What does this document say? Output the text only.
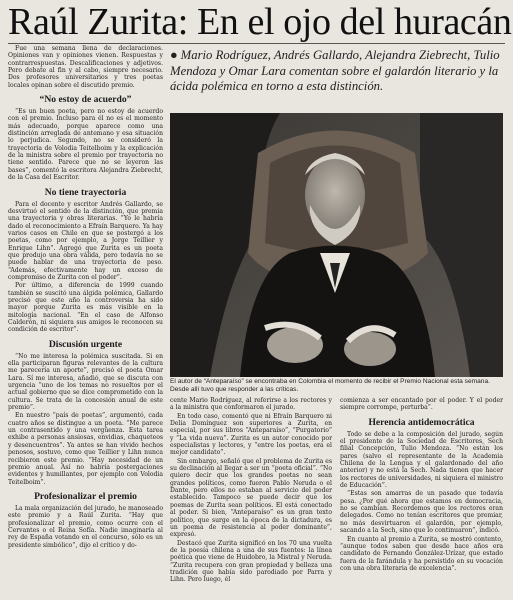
Raúl Zurita: En el ojo del huracán

Fue una semana llena de declaraciones. Opiniones van y opiniones vienen. Respuestas y contrarrespuestas. Descalificaciones y adjetivos. Pero debate al fin y al cabo, siempre necesario. Dos profesores universitarios y tres poetas locales opinan sobre el discutido premio.

“No estoy de acuerdo”

“Es un buen poeta, pero no estoy de acuerdo con el premio. Incluso para él no es el momento más adecuado, porque aparece como una distinción arreglada de antemano y esa situación lo perjudica. Segundo, no se consideró la trayectoria de Volodia Teitelboim y la explicación de la ministra sobre el premio por trayectoria no tiene sentido. Parece que no se leyeron las bases”, comentó la escritora Alejandra Ziebrecht, de la Casa del Escritor.

No tiene trayectoria

Para el docente y escritor Andrés Gallardo, se desvirtuó el sentido de la distinción, que premia una trayectoria y obras literarias. “Yo le habría dado el reconocimiento a Efraín Barquero. Ya hay varios casos en Chile en que se postergó a los poetas, como por ejemplo, a Jorge Teillier y Enrique Lihn”. Agregó que Zurita es un poeta que produjo una obra válida, pero todavía no se puede hablar de una trayectoria de peso. “Además, efectivamente hay un exceso de compromiso de Zurita con el poder”.

Por último, a diferencia de 1999 cuando también se suscitó una álgida polémica, Gallardo precisó que este año la controversia ha sido mayor porque Zurita es más visible en la mitología nacional. “En el caso de Alfonso Calderón, ni siquiera sus amigos le reconocen su condición de escritor”.

Discusión urgente

“No me interesa la polémica suscitada. Si en ella participaran figuras relevantes de la cultura me parecería un aporte”, precisó el poeta Omar Lara. Sí me interesa, añadió, que se discuta con urgencia “uno de los temas no resueltos por el actual gobierno que se dice comprometido con la cultura. Se trata de la concesión anual de este premio”.

En nuestro “país de poetas”, argumentó, cada cuatro años se distingue a un poeta. “Me parece un contrasentido y una vergüenza. Esta tarea exhibe a personas ansiosas, envidias, chaqueteos y desencuentros”. Ya antes se han vivido hechos penosos, sostuvo, como que Teillier y Lihn nunca recibieron este premio. “Hay necesidad de un premio anual. Así no habría postergaciones evidentes y humillantes, por ejemplo con Volodia Teitelboim”.

Profesionalizar el premio

La mala organización del jurado, he manoseado este premio y a Raúl Zurita. “Hay que profesionalizar el premio, como ocurre con el Cervantes o el Reina Sofía. Nadie imaginaría al rey de España votando en el concurso, sólo es un presidente simbólico”, dijo el crítico y do-

● Mario Rodríguez, Andrés Gallardo, Alejandra Ziebrecht, Tulio Mendoza y Omar Lara comentan sobre el galardón literario y la ácida polémica en torno a esta distinción.
El autor de “Anteparaíso” se encontraba en Colombia el momento de recibir el Premio Nacional esta semana. Desde allí tuvo que responder a las críticas.

cente Mario Rodríguez, al referirse a los rectores y a la ministra que conformaron el jurado.

En todo caso, comentó que ni Efraín Barquero ni Delia Domínguez son superiores a Zurita, en especial, por sus libros “Anteparaíso”, “Purgatorio” y “La vida nueva”. Zurita es un autor conocido por especialistas y lectores, y “entre los poetas, era el mejor candidato”.

Sin embargo, señaló que el problema de Zurita es su declinación al llegar a ser un “poeta oficial”. “No quiero decir que los grandes poetas no sean grandes políticos, como fueron Pablo Neruda o el Dante, pero ellos no estaban al servicio del poder establecido. Tampoco se puede decir que los poemas de Zurita sean políticos. El está conectado al poder. Si bien, “Anteparaíso” es un gran texto político, que surge en la época de la dictadura, es un poema de resistencia al poder dominante”, expresó.

Destacó que Zurita significó en los 70 una vuelta de la poesía chilena a una de sus fuentes: la línea poética que viene de Huidobro, la Mistral y Neruda. “Zurita recupera con gran propiedad y belleza una tradición que había sido parodiado por Parra y Lihn. Pero luego, él

comienza a ser encantado por el poder. Y el poder siempre corrompe, perturba”.

Herencia antidemocrática

Todo se debe a la composición del jurado, según el presidente de la Sociedad de Escritores, Sech filial Concepción, Tulio Mendoza. “No están los pares (salvo el representante de la Academia Chilena de la Lengua y el galardonado del año anterior) y no está la Sech. Nada tienen que hacer los rectores de universidades, ni siquiera el ministro de Educación”.

“Estas son amarras de un pasado que todavía pesa. ¿Por qué ahora que estamos en democracia, no se cambian. Recordemos que los rectores eran delegados. Como no tenían escritores que premiar, no más desvirtuaron el galardón, por ejemplo, sacando a la Sech, sino que lo continuaron”, indicó.

En cuanto al premio a Zurita, se mostró contento, “aunque todos saben que desde hace años era candidato de Fernando González-Urízar, que estado fuera de la farándula y ha persistido en su vocación con una obra literaria de excelencia”.
